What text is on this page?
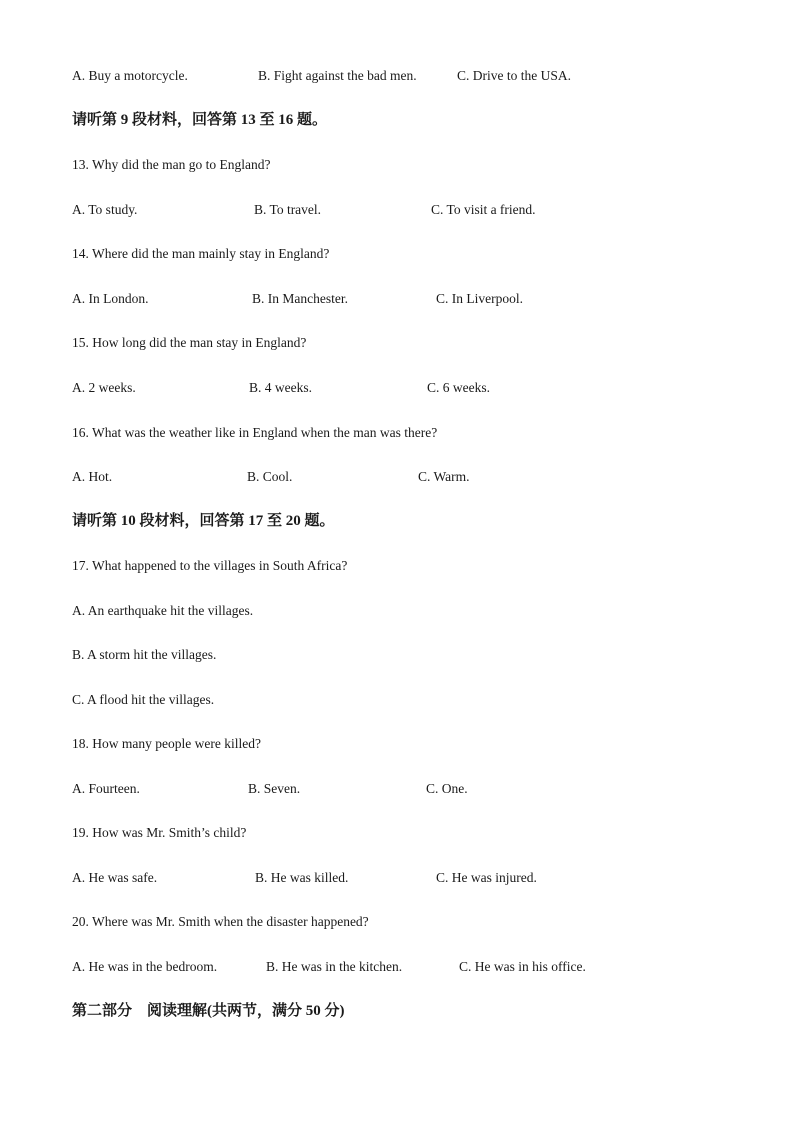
A. Buy a motorcycle.	B. Fight against the bad men.	C. Drive to the USA.
请听第 9 段材料，回答第 13 至 16 题。
13. Why did the man go to England?
A. To study.	B. To travel.	C. To visit a friend.
14. Where did the man mainly stay in England?
A. In London.	B. In Manchester.	C. In Liverpool.
15. How long did the man stay in England?
A. 2 weeks.	B. 4 weeks.	C. 6 weeks.
16. What was the weather like in England when the man was there?
A. Hot.	B. Cool.	C. Warm.
请听第 10 段材料，回答第 17 至 20 题。
17. What happened to the villages in South Africa?
A. An earthquake hit the villages.
B. A storm hit the villages.
C. A flood hit the villages.
18. How many people were killed?
A. Fourteen.	B. Seven.	C. One.
19. How was Mr. Smith’s child?
A. He was safe.	B. He was killed.	C. He was injured.
20. Where was Mr. Smith when the disaster happened?
A. He was in the bedroom.	B. He was in the kitchen.	C. He was in his office.
第二部分　阅读理解(共两节，满分 50 分)
